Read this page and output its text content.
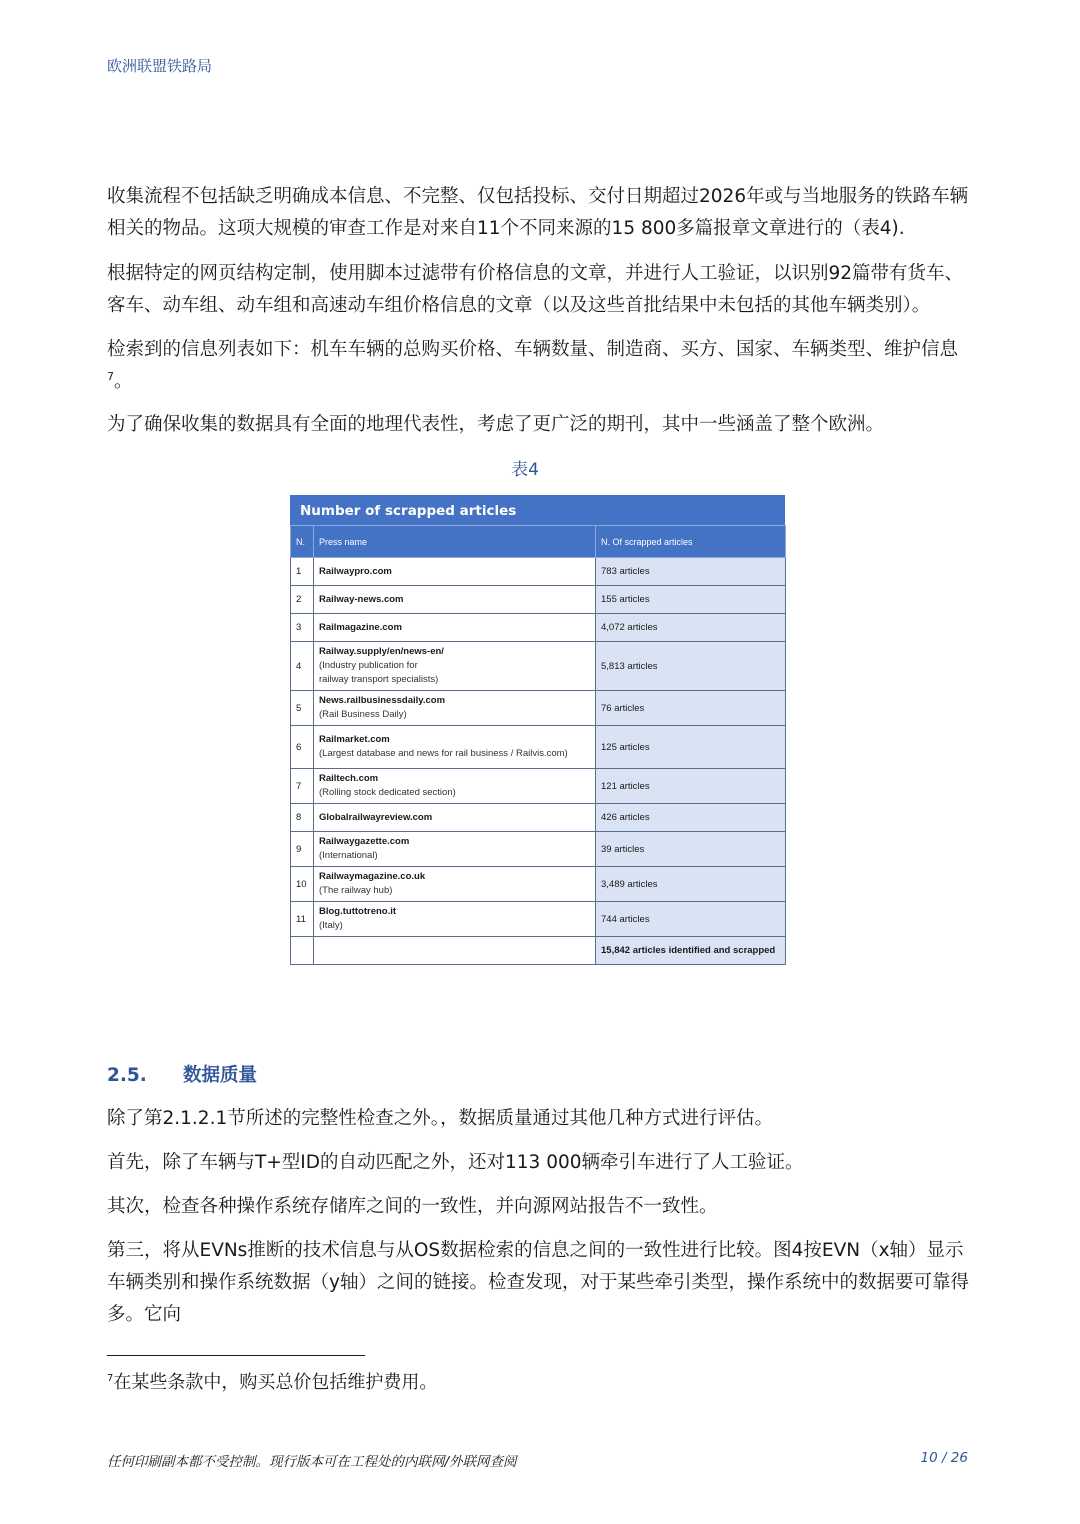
欧洲联盟铁路局

收集流程不包括缺乏明确成本信息、不完整、仅包括投标、交付日期超过2026年或与当地服务的铁路车辆相关的物品。这项大规模的审查工作是对来自11个不同来源的15 800多篇报章文章进行的（表4).

根据特定的网页结构定制，使用脚本过滤带有价格信息的文章，并进行人工验证，以识别92篇带有货车、客车、动车组、动车组和高速动车组价格信息的文章（以及这些首批结果中未包括的其他车辆类别）。

检索到的信息列表如下：机车车辆的总购买价格、车辆数量、制造商、买方、国家、车辆类型、维护信息$^7$。

为了确保收集的数据具有全面的地理代表性，考虑了更广泛的期刊，其中一些涵盖了整个欧洲。

表4
Number of scrapped articles
N.	Press name	N. Of scrapped articles
1	Railwaypro.com	783 articles
2	Railway-news.com	155 articles
3	Railmagazine.com	4,072 articles
4	Railway.supply/en/news-en/
(Industry publication for
railway transport specialists)	5,813 articles
5	News.railbusinessdaily.com
(Rail Business Daily)	76 articles
6	Railmarket.com
(Largest database and news for rail business / Railvis.com)	125 articles
7	Railtech.com
(Rolling stock dedicated section)	121 articles
8	Globalrailwayreview.com	426 articles
9	Railwaygazette.com
(International)	39 articles
10	Railwaymagazine.co.uk
(The railway hub)	3,489 articles
11	Blog.tuttotreno.it
(Italy)	744 articles
		15,842 articles identified and scrapped
2.5. 数据质量

除了第2.1.2.1节所述的完整性检查之外。，数据质量通过其他几种方式进行评估。

首先，除了车辆与T+型ID的自动匹配之外，还对113 000辆牵引车进行了人工验证。

其次，检查各种操作系统存储库之间的一致性，并向源网站报告不一致性。

第三，将从EVNs推断的技术信息与从OS数据检索的信息之间的一致性进行比较。图4按EVN（x轴）显示车辆类别和操作系统数据（y轴）之间的链接。检查发现，对于某些牵引类型，操作系统中的数据要可靠得多。它向

$^7$在某些条款中，购买总价包括维护费用。
任何印刷副本都不受控制。现行版本可在工程处的内联网/外联网查阅	10 / 26
